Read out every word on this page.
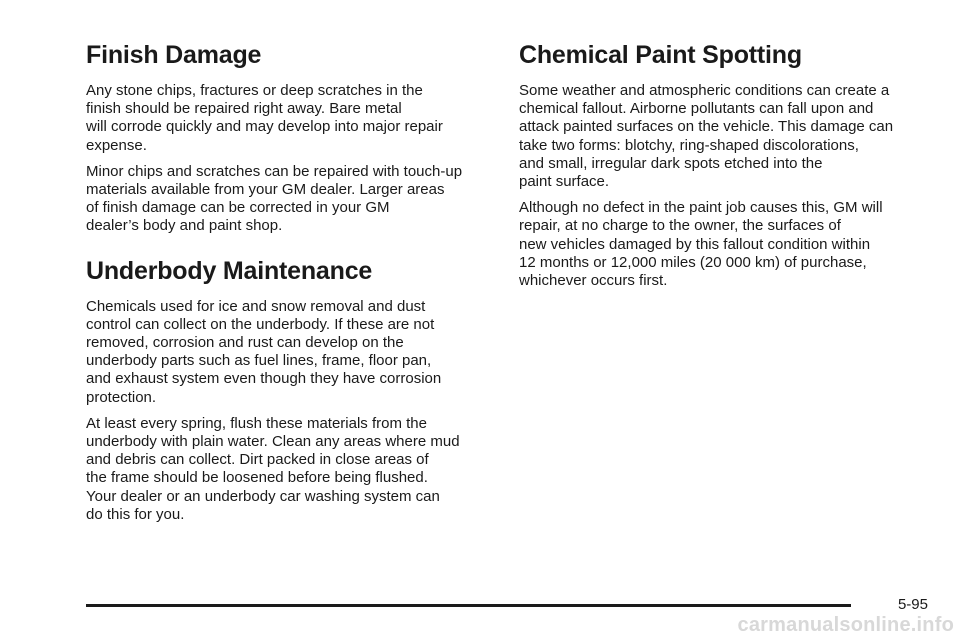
Finish Damage

Any stone chips, fractures or deep scratches in the
finish should be repaired right away. Bare metal
will corrode quickly and may develop into major repair
expense.

Minor chips and scratches can be repaired with touch-up
materials available from your GM dealer. Larger areas
of finish damage can be corrected in your GM
dealer’s body and paint shop.

Underbody Maintenance

Chemicals used for ice and snow removal and dust
control can collect on the underbody. If these are not
removed, corrosion and rust can develop on the
underbody parts such as fuel lines, frame, floor pan,
and exhaust system even though they have corrosion
protection.

At least every spring, flush these materials from the
underbody with plain water. Clean any areas where mud
and debris can collect. Dirt packed in close areas of
the frame should be loosened before being flushed.
Your dealer or an underbody car washing system can
do this for you.

Chemical Paint Spotting

Some weather and atmospheric conditions can create a
chemical fallout. Airborne pollutants can fall upon and
attack painted surfaces on the vehicle. This damage can
take two forms: blotchy, ring-shaped discolorations,
and small, irregular dark spots etched into the
paint surface.

Although no defect in the paint job causes this, GM will
repair, at no charge to the owner, the surfaces of
new vehicles damaged by this fallout condition within
12 months or 12,000 miles (20 000 km) of purchase,
whichever occurs first.

5-95
carmanualsonline.info
